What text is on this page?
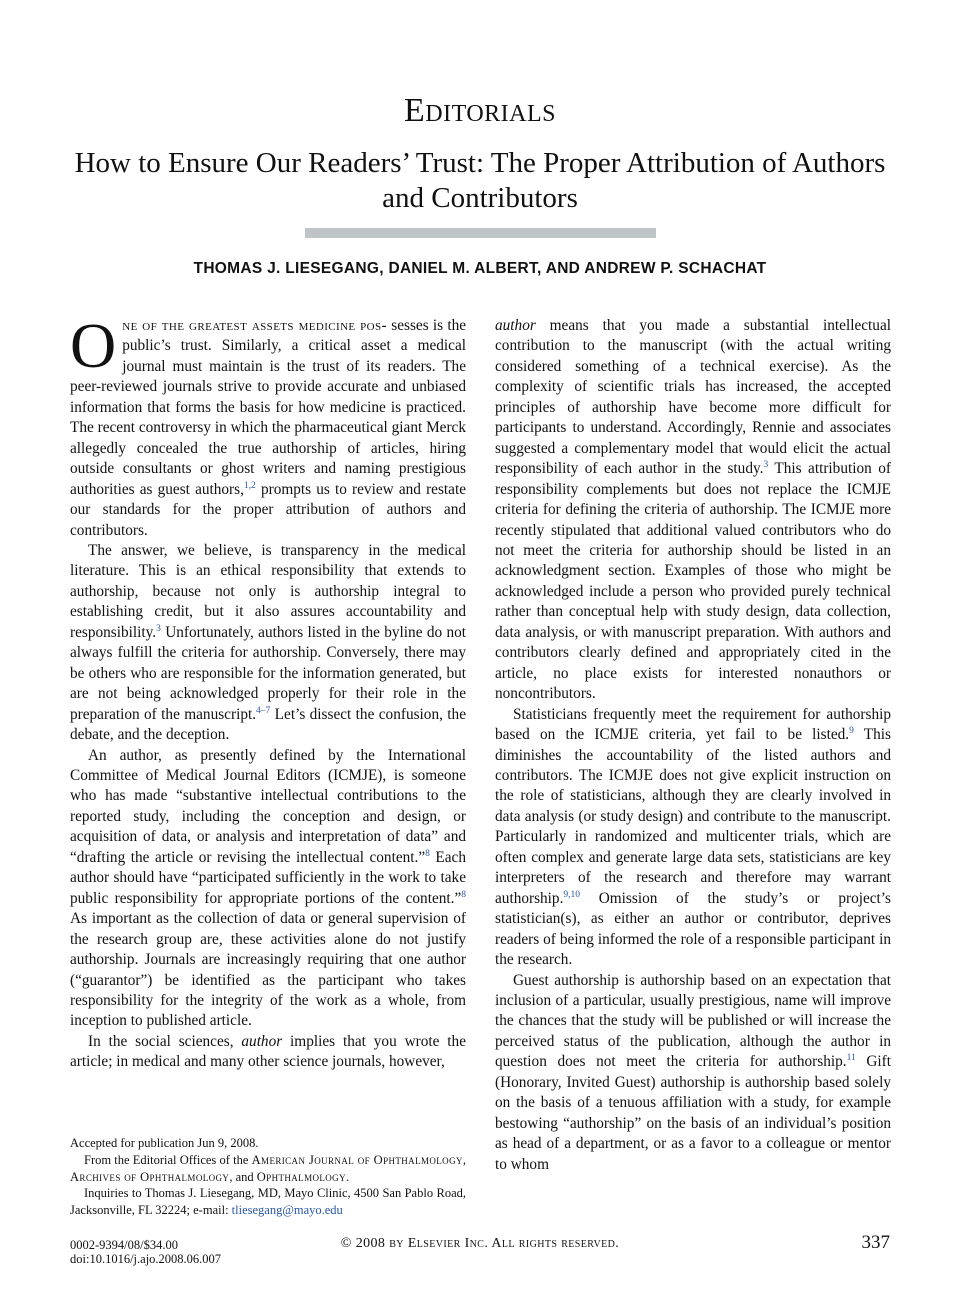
Editorials
How to Ensure Our Readers’ Trust: The Proper Attribution of Authors and Contributors
THOMAS J. LIESEGANG, DANIEL M. ALBERT, AND ANDREW P. SCHACHAT

One of the greatest assets medicine pos- sesses is the public’s trust. Similarly, a critical asset a medical journal must maintain is the trust of its readers. The peer-reviewed journals strive to provide accurate and unbiased information that forms the basis for how medicine is practiced. The recent controversy in which the pharmaceutical giant Merck allegedly concealed the true authorship of articles, hiring outside consultants or ghost writers and naming prestigious authorities as guest authors,$^{1,2}$ prompts us to review and restate our standards for the proper attribution of authors and contributors.

The answer, we believe, is transparency in the medical literature. This is an ethical responsibility that extends to authorship, because not only is authorship integral to establishing credit, but it also assures accountability and responsibility.$^3$ Unfortunately, authors listed in the byline do not always fulfill the criteria for authorship. Conversely, there may be others who are responsible for the information generated, but are not being acknowledged properly for their role in the preparation of the manuscript.$^{4-7}$ Let’s dissect the confusion, the debate, and the deception.

An author, as presently defined by the International Committee of Medical Journal Editors (ICMJE), is someone who has made “substantive intellectual contributions to the reported study, including the conception and design, or acquisition of data, or analysis and interpretation of data” and “drafting the article or revising the intellectual content.”$^8$ Each author should have “participated sufficiently in the work to take public responsibility for appropriate portions of the content.”$^8$ As important as the collection of data or general supervision of the research group are, these activities alone do not justify authorship. Journals are increasingly requiring that one author (“guarantor”) be identified as the participant who takes responsibility for the integrity of the work as a whole, from inception to published article.

In the social sciences, author implies that you wrote the article; in medical and many other science journals, however,

author means that you made a substantial intellectual contribution to the manuscript (with the actual writing considered something of a technical exercise). As the complexity of scientific trials has increased, the accepted principles of authorship have become more difficult for participants to understand. Accordingly, Rennie and associates suggested a complementary model that would elicit the actual responsibility of each author in the study.$^3$ This attribution of responsibility complements but does not replace the ICMJE criteria for defining the criteria of authorship. The ICMJE more recently stipulated that additional valued contributors who do not meet the criteria for authorship should be listed in an acknowledgment section. Examples of those who might be acknowledged include a person who provided purely technical rather than conceptual help with study design, data collection, data analysis, or with manuscript preparation. With authors and contributors clearly defined and appropriately cited in the article, no place exists for interested nonauthors or noncontributors.

Statisticians frequently meet the requirement for authorship based on the ICMJE criteria, yet fail to be listed.$^9$ This diminishes the accountability of the listed authors and contributors. The ICMJE does not give explicit instruction on the role of statisticians, although they are clearly involved in data analysis (or study design) and contribute to the manuscript. Particularly in randomized and multicenter trials, which are often complex and generate large data sets, statisticians are key interpreters of the research and therefore may warrant authorship.$^{9,10}$ Omission of the study’s or project’s statistician(s), as either an author or contributor, deprives readers of being informed the role of a responsible participant in the research.

Guest authorship is authorship based on an expectation that inclusion of a particular, usually prestigious, name will improve the chances that the study will be published or will increase the perceived status of the publication, although the author in question does not meet the criteria for authorship.$^{11}$ Gift (Honorary, Invited Guest) authorship is authorship based solely on the basis of a tenuous affiliation with a study, for example bestowing “authorship” on the basis of an individual’s position as head of a department, or as a favor to a colleague or mentor to whom

Accepted for publication Jun 9, 2008.

From the Editorial Offices of the American Journal of Ophthalmology, Archives of Ophthalmology, and Ophthalmology.

Inquiries to Thomas J. Liesegang, MD, Mayo Clinic, 4500 San Pablo Road, Jacksonville, FL 32224; e-mail: tliesegang@mayo.edu

0002-9394/08/$34.00
doi:10.1016/j.ajo.2008.06.007
© 2008 by Elsevier Inc. All rights reserved.	337
